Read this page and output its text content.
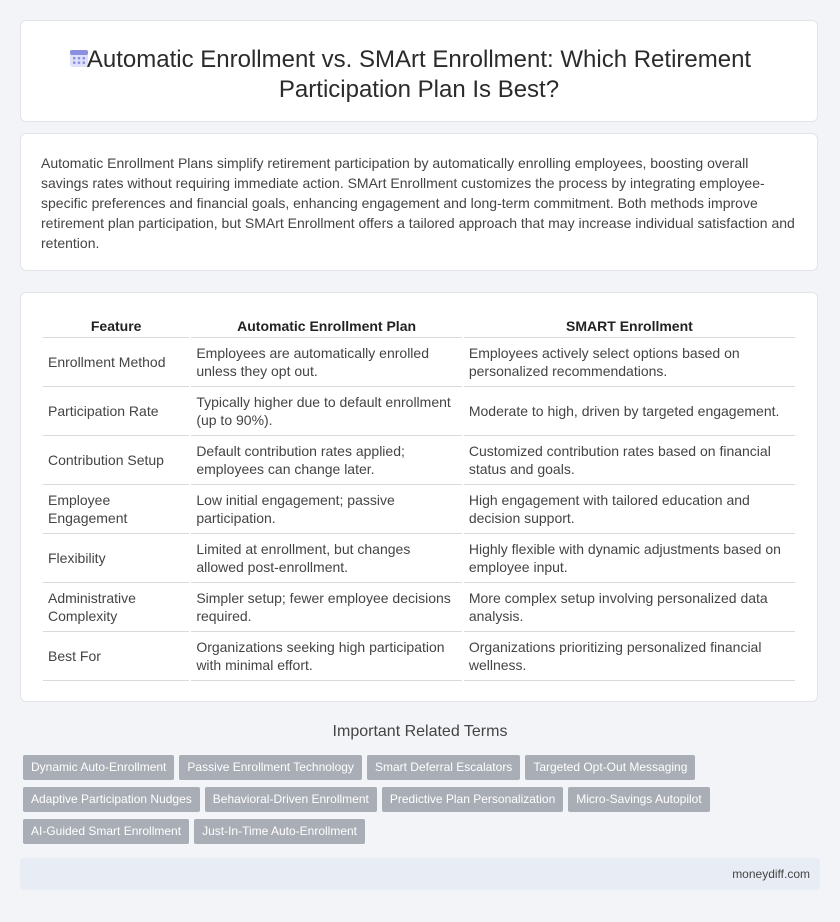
Automatic Enrollment vs. SMArt Enrollment: Which Retirement Participation Plan Is Best?

Automatic Enrollment Plans simplify retirement participation by automatically enrolling employees, boosting overall savings rates without requiring immediate action. SMArt Enrollment customizes the process by integrating employee-specific preferences and financial goals, enhancing engagement and long-term commitment. Both methods improve retirement plan participation, but SMArt Enrollment offers a tailored approach that may increase individual satisfaction and retention.

Feature	Automatic Enrollment Plan	SMART Enrollment
Enrollment Method	Employees are automatically enrolled unless they opt out.	Employees actively select options based on personalized recommendations.
Participation Rate	Typically higher due to default enrollment (up to 90%).	Moderate to high, driven by targeted engagement.
Contribution Setup	Default contribution rates applied; employees can change later.	Customized contribution rates based on financial status and goals.
Employee Engagement	Low initial engagement; passive participation.	High engagement with tailored education and decision support.
Flexibility	Limited at enrollment, but changes allowed post-enrollment.	Highly flexible with dynamic adjustments based on employee input.
Administrative Complexity	Simpler setup; fewer employee decisions required.	More complex setup involving personalized data analysis.
Best For	Organizations seeking high participation with minimal effort.	Organizations prioritizing personalized financial wellness.
Important Related Terms
Dynamic Auto-Enrollment Passive Enrollment Technology Smart Deferral Escalators Targeted Opt-Out Messaging
Adaptive Participation Nudges Behavioral-Driven Enrollment Predictive Plan Personalization Micro-Savings Autopilot
AI-Guided Smart Enrollment Just-In-Time Auto-Enrollment
moneydiff.com
